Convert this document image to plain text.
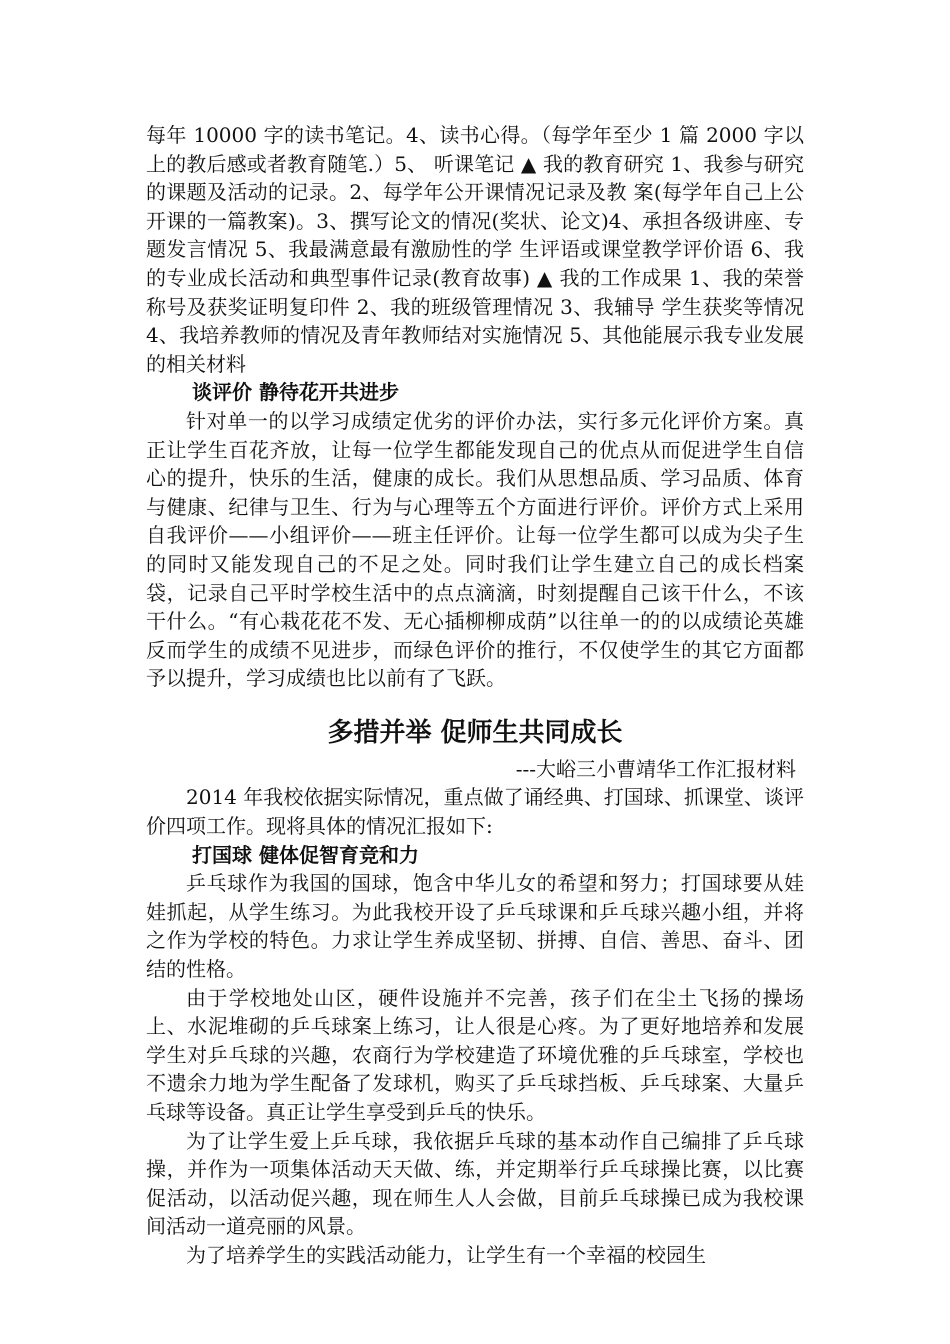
每年 10000 字的读书笔记。4、读书心得。（每学年至少 1 篇 2000 字以上的教后感或者教育随笔.）5、 听课笔记 ▲ 我的教育研究 1、我参与研究的课题及活动的记录。2、每学年公开课情况记录及教 案(每学年自己上公开课的一篇教案)。3、撰写论文的情况(奖状、论文)4、承担各级讲座、专题发言情况 5、我最满意最有激励性的学 生评语或课堂教学评价语 6、我的专业成长活动和典型事件记录(教育故事) ▲ 我的工作成果 1、我的荣誉称号及获奖证明复印件 2、我的班级管理情况 3、我辅导 学生获奖等情况 4、我培养教师的情况及青年教师结对实施情况 5、其他能展示我专业发展的相关材料

谈评价 静待花开共进步

针对单一的以学习成绩定优劣的评价办法，实行多元化评价方案。真正让学生百花齐放，让每一位学生都能发现自己的优点从而促进学生自信心的提升，快乐的生活，健康的成长。我们从思想品质、学习品质、体育与健康、纪律与卫生、行为与心理等五个方面进行评价。评价方式上采用自我评价——小组评价——班主任评价。让每一位学生都可以成为尖子生的同时又能发现自己的不足之处。同时我们让学生建立自己的成长档案袋，记录自己平时学校生活中的点点滴滴，时刻提醒自己该干什么，不该干什么。“有心栽花花不发、无心插柳柳成荫”以往单一的的以成绩论英雄反而学生的成绩不见进步，而绿色评价的推行，不仅使学生的其它方面都予以提升，学习成绩也比以前有了飞跃。

多措并举 促师生共同成长

---大峪三小曹靖华工作汇报材料

2014 年我校依据实际情况，重点做了诵经典、打国球、抓课堂、谈评价四项工作。现将具体的情况汇报如下:

打国球 健体促智育竞和力

乒乓球作为我国的国球，饱含中华儿女的希望和努力；打国球要从娃娃抓起，从学生练习。为此我校开设了乒乓球课和乒乓球兴趣小组，并将之作为学校的特色。力求让学生养成坚韧、拼搏、自信、善思、奋斗、团结的性格。

由于学校地处山区，硬件设施并不完善，孩子们在尘土飞扬的操场上、水泥堆砌的乒乓球案上练习，让人很是心疼。为了更好地培养和发展学生对乒乓球的兴趣，农商行为学校建造了环境优雅的乒乓球室，学校也不遗余力地为学生配备了发球机，购买了乒乓球挡板、乒乓球案、大量乒乓球等设备。真正让学生享受到乒乓的快乐。

为了让学生爱上乒乓球，我依据乒乓球的基本动作自己编排了乒乓球操，并作为一项集体活动天天做、练，并定期举行乒乓球操比赛，以比赛促活动，以活动促兴趣，现在师生人人会做，目前乒乓球操已成为我校课间活动一道亮丽的风景。

为了培养学生的实践活动能力，让学生有一个幸福的校园生
